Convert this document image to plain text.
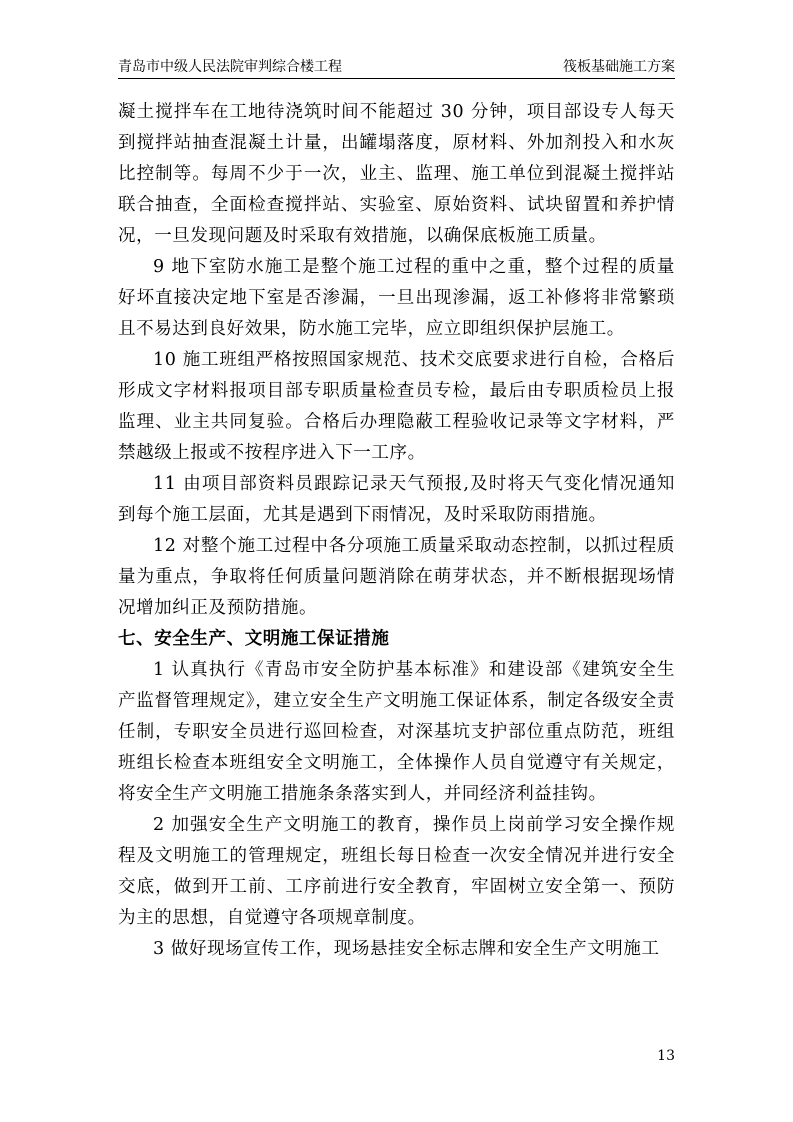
青岛市中级人民法院审判综合楼工程	筏板基础施工方案

凝土搅拌车在工地待浇筑时间不能超过 30 分钟，项目部设专人每天到搅拌站抽查混凝土计量，出罐塌落度，原材料、外加剂投入和水灰比控制等。每周不少于一次，业主、监理、施工单位到混凝土搅拌站联合抽查，全面检查搅拌站、实验室、原始资料、试块留置和养护情况，一旦发现问题及时采取有效措施，以确保底板施工质量。

9 地下室防水施工是整个施工过程的重中之重，整个过程的质量好坏直接决定地下室是否渗漏，一旦出现渗漏，返工补修将非常繁琐且不易达到良好效果，防水施工完毕，应立即组织保护层施工。

10 施工班组严格按照国家规范、技术交底要求进行自检，合格后形成文字材料报项目部专职质量检查员专检，最后由专职质检员上报监理、业主共同复验。合格后办理隐蔽工程验收记录等文字材料，严禁越级上报或不按程序进入下一工序。

11 由项目部资料员跟踪记录天气预报,及时将天气变化情况通知到每个施工层面，尤其是遇到下雨情况，及时采取防雨措施。

12 对整个施工过程中各分项施工质量采取动态控制，以抓过程质量为重点，争取将任何质量问题消除在萌芽状态，并不断根据现场情况增加纠正及预防措施。

七、安全生产、文明施工保证措施

1 认真执行《青岛市安全防护基本标准》和建设部《建筑安全生产监督管理规定》，建立安全生产文明施工保证体系，制定各级安全责任制，专职安全员进行巡回检查，对深基坑支护部位重点防范，班组班组长检查本班组安全文明施工，全体操作人员自觉遵守有关规定，将安全生产文明施工措施条条落实到人，并同经济利益挂钩。

2 加强安全生产文明施工的教育，操作员上岗前学习安全操作规程及文明施工的管理规定，班组长每日检查一次安全情况并进行安全交底，做到开工前、工序前进行安全教育，牢固树立安全第一、预防为主的思想，自觉遵守各项规章制度。

3 做好现场宣传工作，现场悬挂安全标志牌和安全生产文明施工

13
